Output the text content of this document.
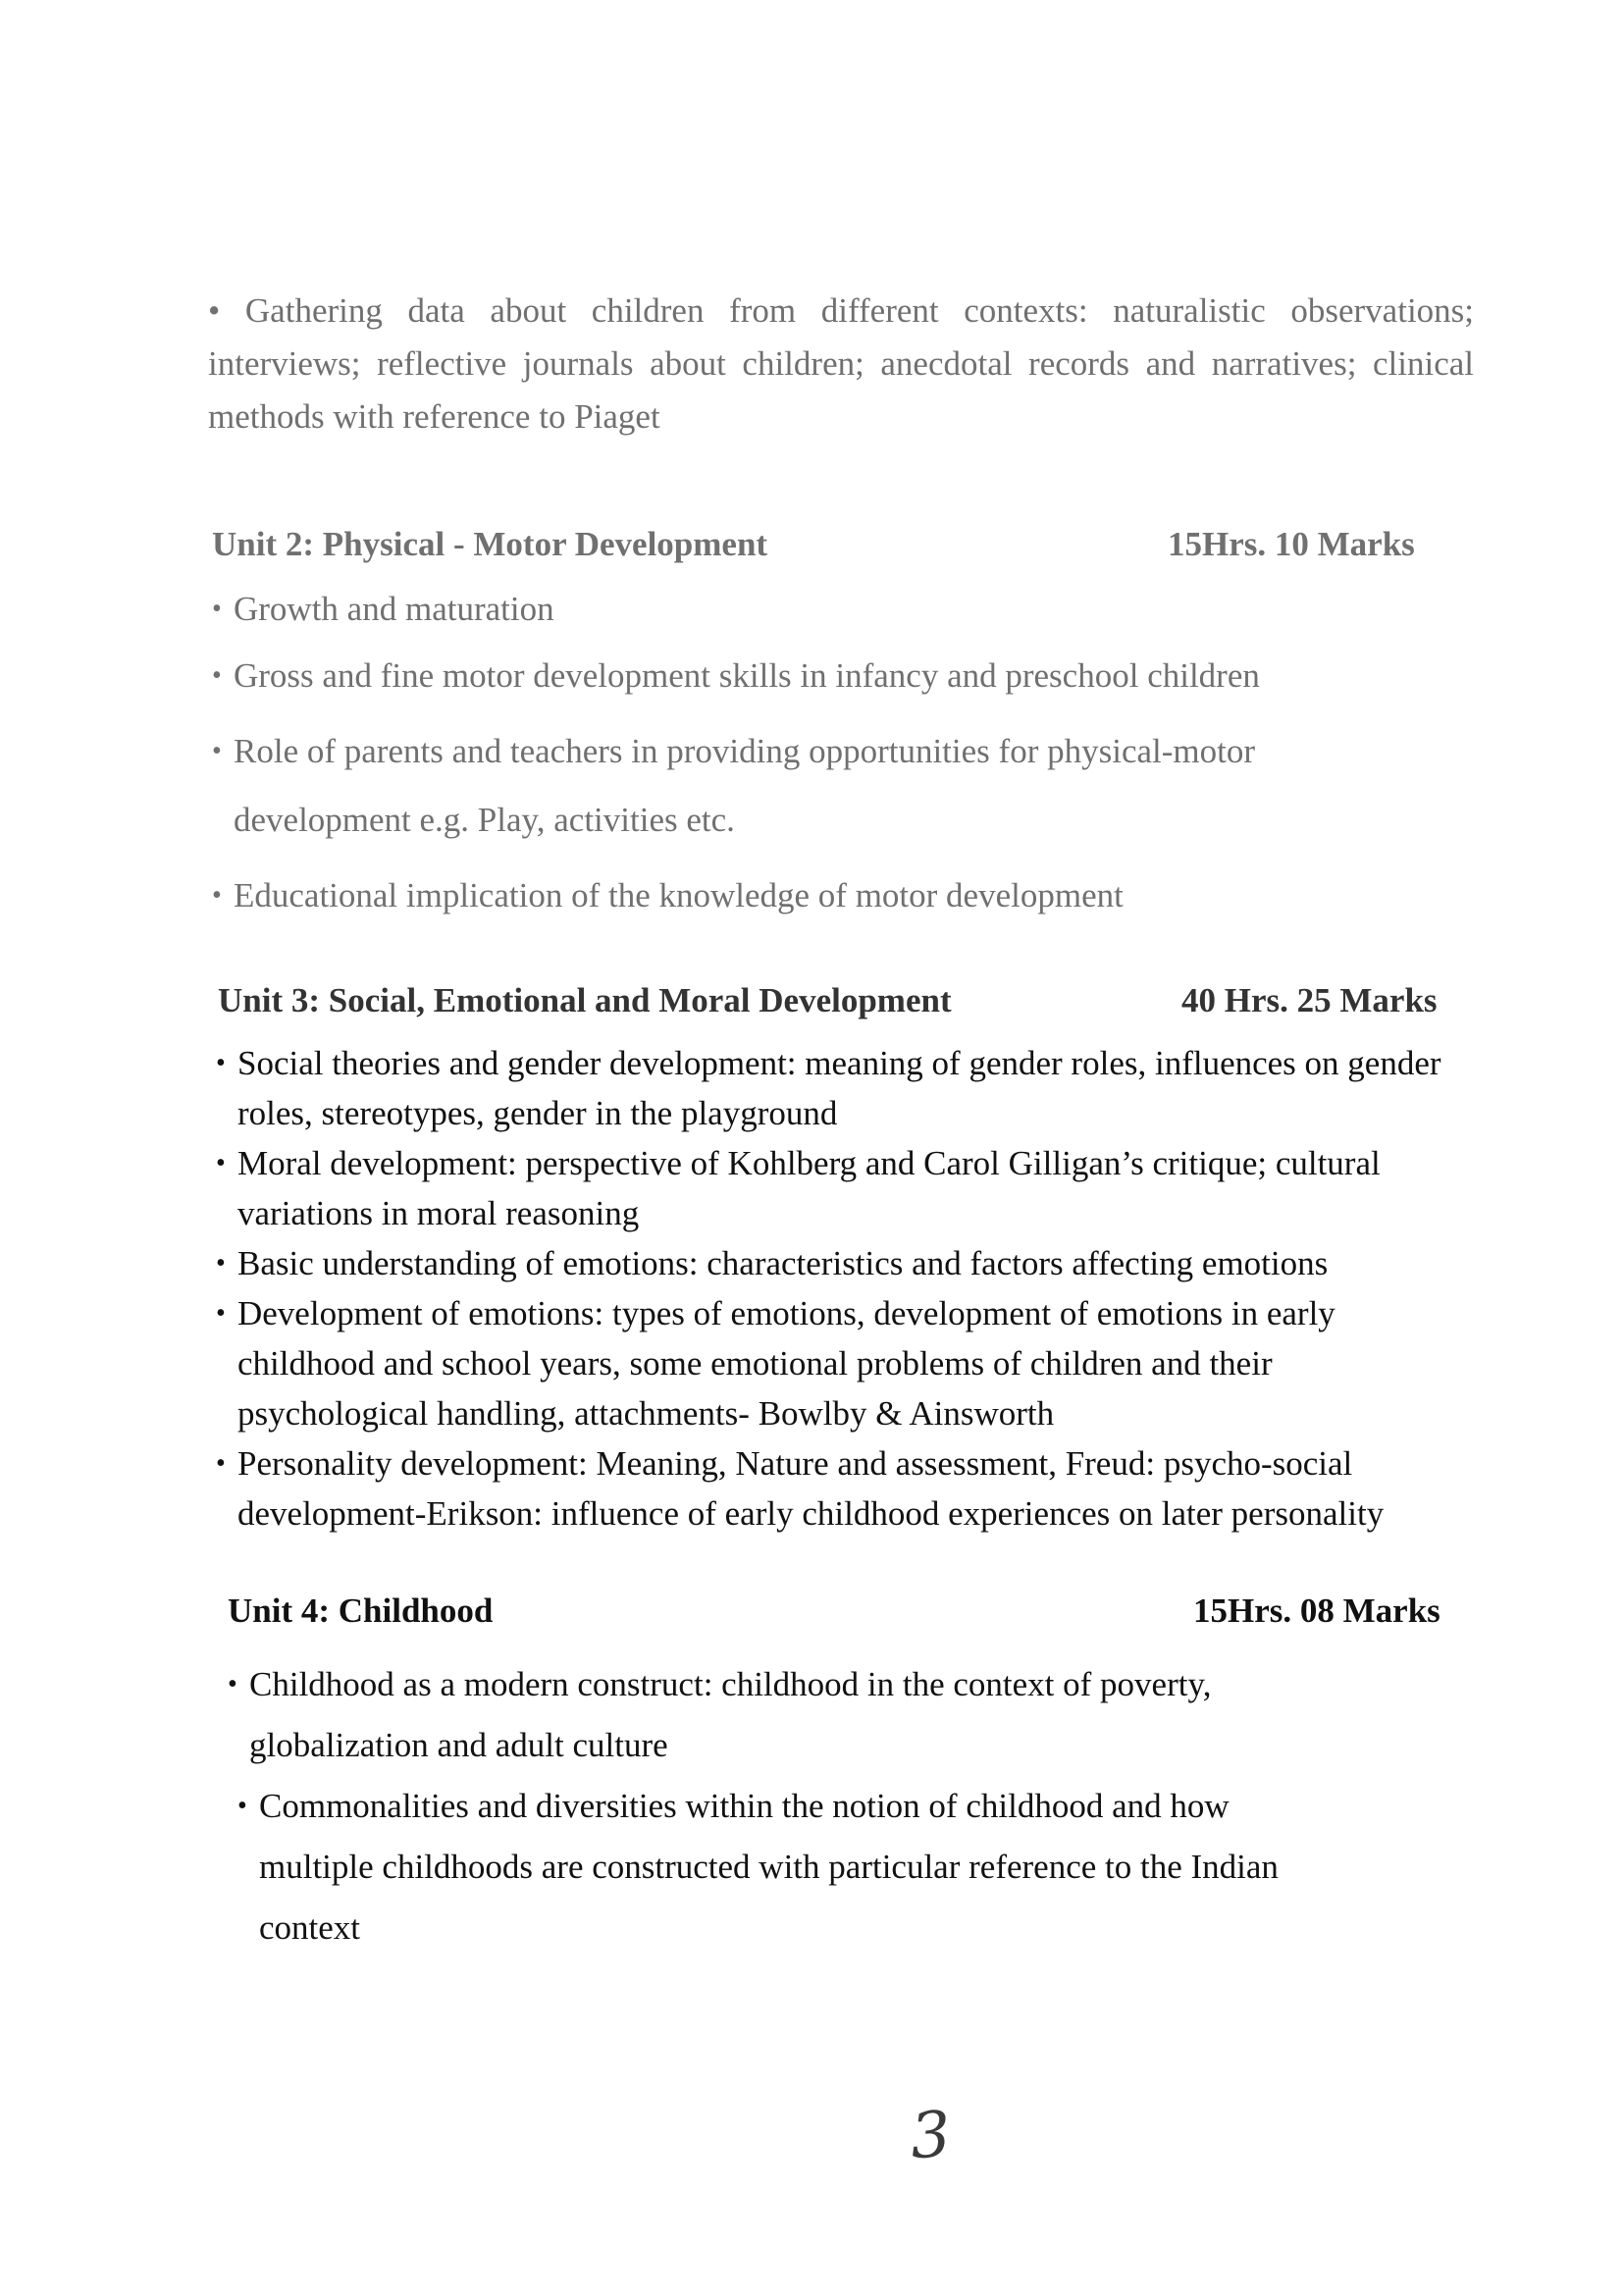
• Gathering data about children from different contexts: naturalistic observations; interviews; reflective journals about children; anecdotal records and narratives; clinical methods with reference to Piaget

Unit 2: Physical - Motor Development	15Hrs. 10 Marks
• Growth and maturation
• Gross and fine motor development skills in infancy and preschool children
• Role of parents and teachers in providing opportunities for physical-motor development e.g. Play, activities etc.
• Educational implication of the knowledge of motor development
Unit 3: Social, Emotional and Moral Development	40 Hrs. 25 Marks
• Social theories and gender development: meaning of gender roles, influences on gender roles, stereotypes, gender in the playground
• Moral development: perspective of Kohlberg and Carol Gilligan’s critique; cultural variations in moral reasoning
• Basic understanding of emotions: characteristics and factors affecting emotions
• Development of emotions: types of emotions, development of emotions in early childhood and school years, some emotional problems of children and their psychological handling, attachments- Bowlby & Ainsworth
• Personality development: Meaning, Nature and assessment, Freud: psycho-social development-Erikson: influence of early childhood experiences on later personality
Unit 4: Childhood	15Hrs. 08 Marks
• Childhood as a modern construct: childhood in the context of poverty, globalization and adult culture
• Commonalities and diversities within the notion of childhood and how multiple childhoods are constructed with particular reference to the Indian context
3
